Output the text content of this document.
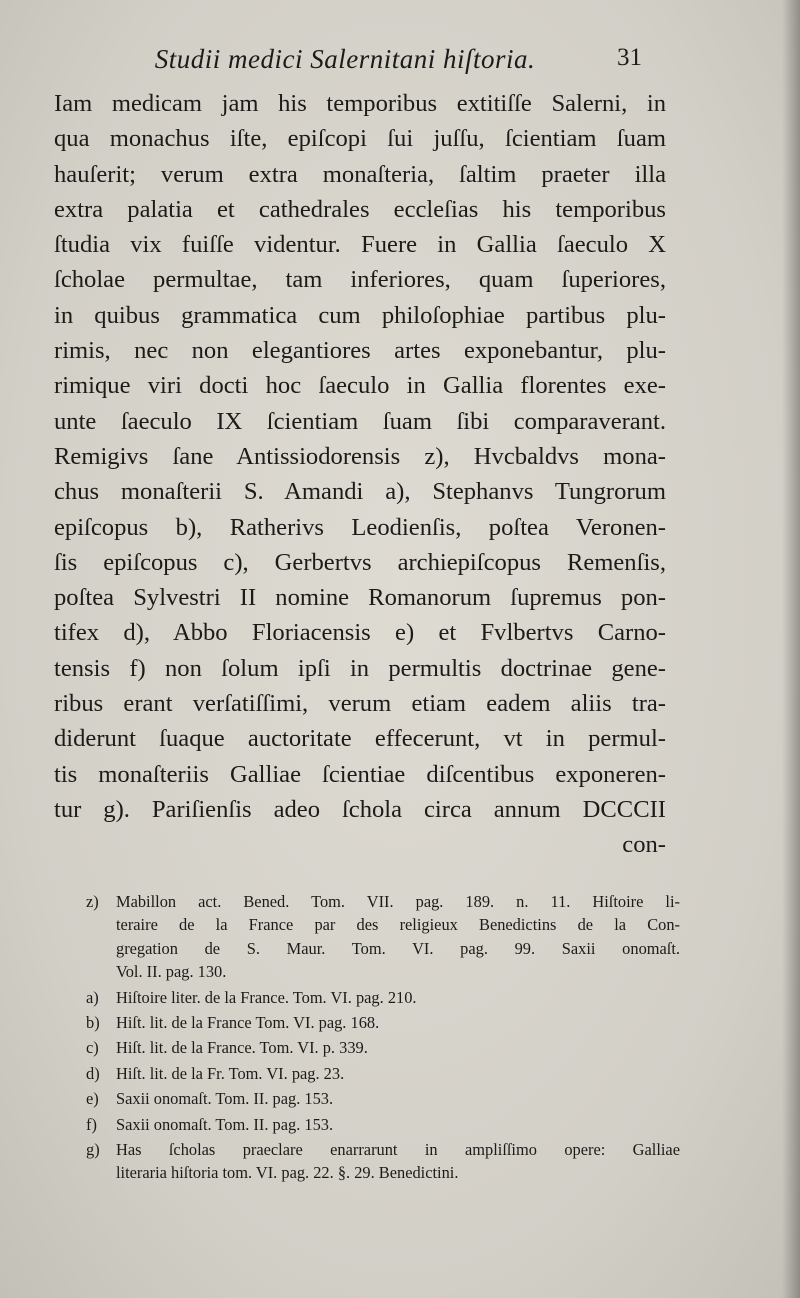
Studii medici Salernitani hiſtoria.	31
Iam medicam jam his temporibus extitiſſe Salerni, in
qua monachus iſte, epiſcopi ſui juſſu, ſcientiam ſuam
hauſerit; verum extra monaſteria, ſaltim praeter illa
extra palatia et cathedrales eccleſias his temporibus
ſtudia vix fuiſſe videntur. Fuere in Gallia ſaeculo X
ſcholae permultae, tam inferiores, quam ſuperiores,
in quibus grammatica cum philoſophiae partibus plu-
rimis, nec non elegantiores artes exponebantur, plu-
rimique viri docti hoc ſaeculo in Gallia florentes exe-
unte ſaeculo IX ſcientiam ſuam ſibi comparaverant.
Remigivs ſane Antissiodorensis z), Hvcbaldvs mona-
chus monaſterii S. Amandi a), Stephanvs Tungrorum
epiſcopus b), Ratherivs Leodienſis, poſtea Veronen-
ſis epiſcopus c), Gerbertvs archiepiſcopus Remenſis,
poſtea Sylvestri II nomine Romanorum ſupremus pon-
tifex d), Abbo Floriacensis e) et Fvlbertvs Carno-
tensis f) non ſolum ipſi in permultis doctrinae gene-
ribus erant verſatiſſimi, verum etiam eadem aliis tra-
diderunt ſuaque auctoritate effecerunt, vt in permul-
tis monaſteriis Galliae ſcientiae diſcentibus exponeren-
tur g). Pariſienſis adeo ſchola circa annum DCCCII
con-
z)	Mabillon act. Bened. Tom. VII. pag. 189. n. 11. Hiſtoire li-
teraire de la France par des religieux Benedictins de la Con-
gregation de S. Maur. Tom. VI. pag. 99. Saxii onomaſt.
Vol. II. pag. 130.
a)	Hiſtoire liter. de la France. Tom. VI. pag. 210.
b) Hiſt. lit. de la France Tom. VI. pag. 168.
c)	Hiſt. lit. de la France. Tom. VI. p. 339.
d) Hiſt. lit. de la Fr. Tom. VI. pag. 23.
e)	Saxii onomaſt. Tom. II. pag. 153.
f)	Saxii onomaſt. Tom. II. pag. 153.
g) Has ſcholas praeclare enarrarunt in ampliſſimo opere: Galliae
literaria hiſtoria tom. VI. pag. 22. §. 29. Benedictini.
